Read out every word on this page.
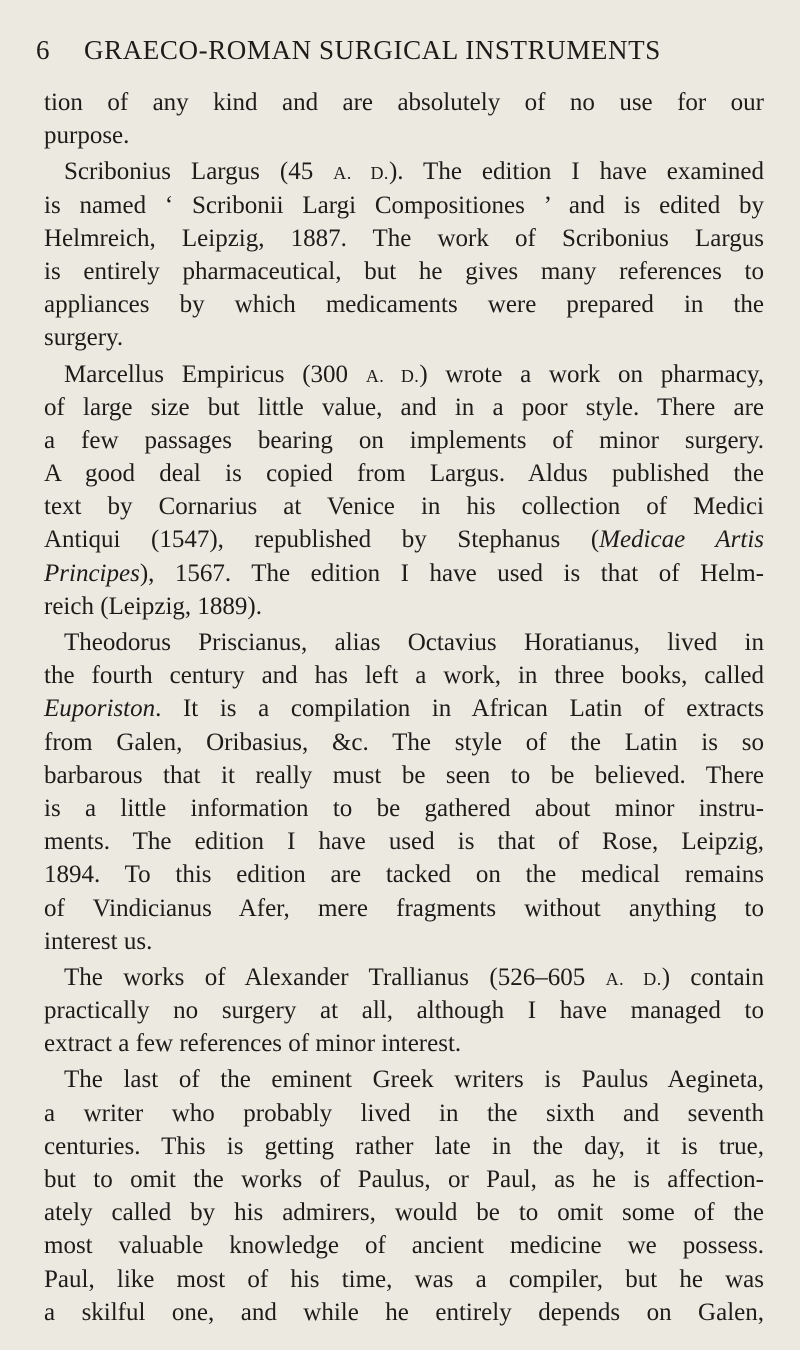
6 GRAECO-ROMAN SURGICAL INSTRUMENTS
tion of any kind and are absolutely of no use for our
purpose.
Scribonius Largus (45 A. D.). The edition I have examined
is named ‘ Scribonii Largi Compositiones ’ and is edited by
Helmreich, Leipzig, 1887. The work of Scribonius Largus
is entirely pharmaceutical, but he gives many references to
appliances by which medicaments were prepared in the
surgery.
Marcellus Empiricus (300 A. D.) wrote a work on pharmacy,
of large size but little value, and in a poor style. There are
a few passages bearing on implements of minor surgery.
A good deal is copied from Largus. Aldus published the
text by Cornarius at Venice in his collection of Medici
Antiqui (1547), republished by Stephanus (Medicae Artis
Principes), 1567. The edition I have used is that of Helm-
reich (Leipzig, 1889).
Theodorus Priscianus, alias Octavius Horatianus, lived in
the fourth century and has left a work, in three books, called
Euporiston. It is a compilation in African Latin of extracts
from Galen, Oribasius, &c. The style of the Latin is so
barbarous that it really must be seen to be believed. There
is a little information to be gathered about minor instru-
ments. The edition I have used is that of Rose, Leipzig,
1894. To this edition are tacked on the medical remains
of Vindicianus Afer, mere fragments without anything to
interest us.
The works of Alexander Trallianus (526–605 A. D.) contain
practically no surgery at all, although I have managed to
extract a few references of minor interest.
The last of the eminent Greek writers is Paulus Aegineta,
a writer who probably lived in the sixth and seventh
centuries. This is getting rather late in the day, it is true,
but to omit the works of Paulus, or Paul, as he is affection-
ately called by his admirers, would be to omit some of the
most valuable knowledge of ancient medicine we possess.
Paul, like most of his time, was a compiler, but he was
a skilful one, and while he entirely depends on Galen,
